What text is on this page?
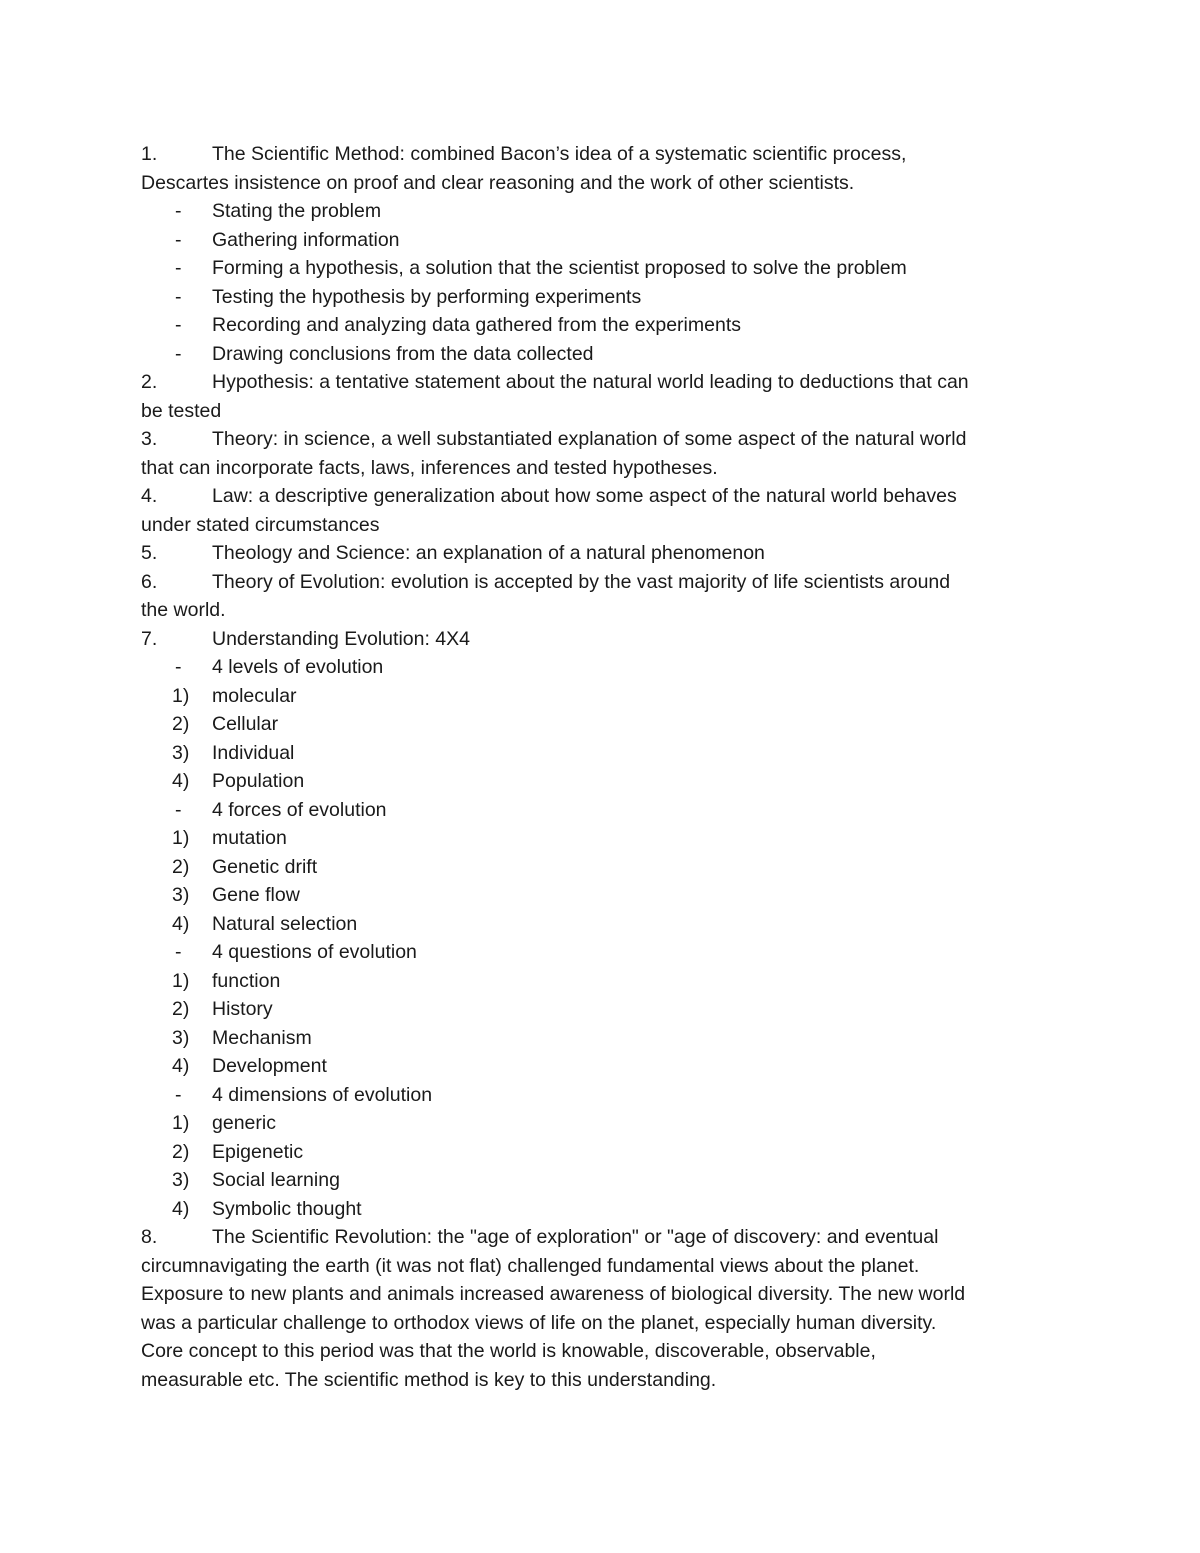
1.	The Scientific Method: combined Bacon’s idea of a systematic scientific process,
Descartes insistence on proof and clear reasoning and the work of other scientists.
- Stating the problem
- Gathering information
- Forming a hypothesis, a solution that the scientist proposed to solve the problem
- Testing the hypothesis by performing experiments
- Recording and analyzing data gathered from the experiments
- Drawing conclusions from the data collected
2.	Hypothesis: a tentative statement about the natural world leading to deductions that can
be tested
3.	Theory: in science, a well substantiated explanation of some aspect of the natural world
that can incorporate facts, laws, inferences and tested hypotheses.
4.	Law: a descriptive generalization about how some aspect of the natural world behaves
under stated circumstances
5.	Theology and Science: an explanation of a natural phenomenon
6.	Theory of Evolution: evolution is accepted by the vast majority of life scientists around
the world.
7.	Understanding Evolution: 4X4
- 4 levels of evolution
1) molecular
2) Cellular
3) Individual
4) Population
- 4 forces of evolution
1) mutation
2) Genetic drift
3) Gene flow
4) Natural selection
- 4 questions of evolution
1) function
2) History
3) Mechanism
4) Development
- 4 dimensions of evolution
1) generic
2) Epigenetic
3) Social learning
4) Symbolic thought
8.	The Scientific Revolution: the "age of exploration" or "age of discovery: and eventual
circumnavigating the earth (it was not flat) challenged fundamental views about the planet.
Exposure to new plants and animals increased awareness of biological diversity. The new world
was a particular challenge to orthodox views of life on the planet, especially human diversity.
Core concept to this period was that the world is knowable, discoverable, observable,
measurable etc. The scientific method is key to this understanding.
